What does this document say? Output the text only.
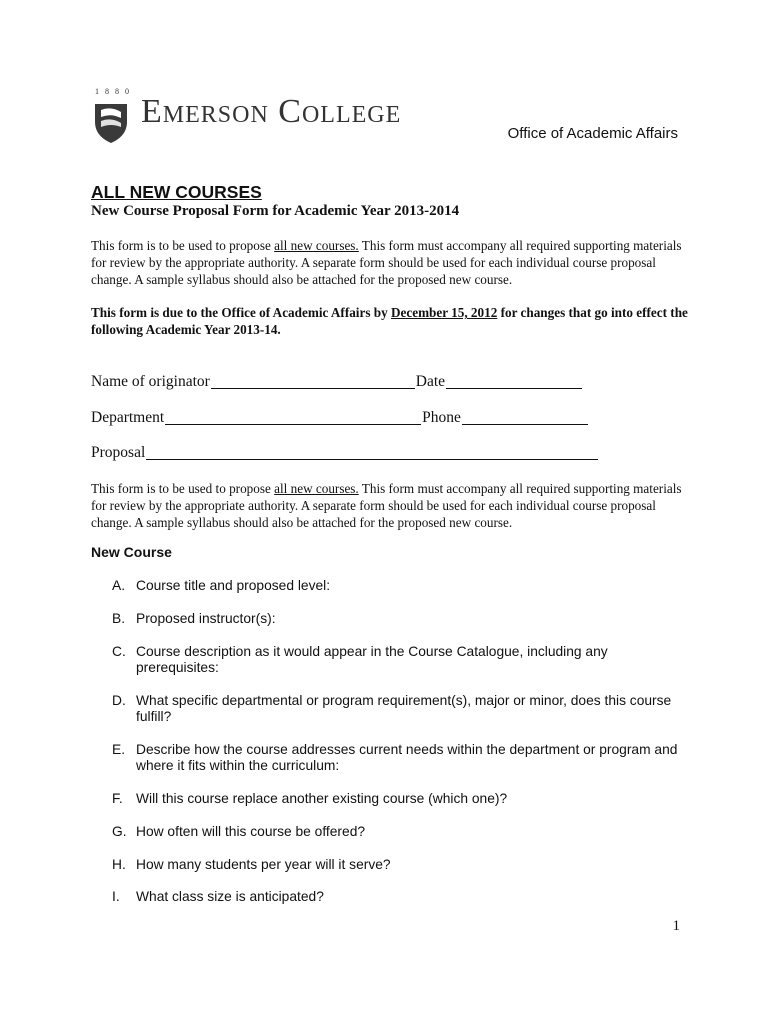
1880
Emerson College
Office of Academic Affairs
ALL NEW COURSES
New Course Proposal Form for Academic Year 2013-2014
This form is to be used to propose all new courses. This form must accompany all required supporting materials for review by the appropriate authority. A separate form should be used for each individual course proposal change. A sample syllabus should also be attached for the proposed new course.
This form is due to the Office of Academic Affairs by December 15, 2012 for changes that go into effect the following Academic Year 2013-14.
Name of originator	Date
Department	Phone
Proposal
This form is to be used to propose all new courses. This form must accompany all required supporting materials for review by the appropriate authority. A separate form should be used for each individual course proposal change. A sample syllabus should also be attached for the proposed new course.
New Course
A. Course title and proposed level:
B. Proposed instructor(s):
C. Course description as it would appear in the Course Catalogue, including any prerequisites:
D. What specific departmental or program requirement(s), major or minor, does this course fulfill?
E. Describe how the course addresses current needs within the department or program and where it fits within the curriculum:
F. Will this course replace another existing course (which one)?
G. How often will this course be offered?
H. How many students per year will it serve?
I.	What class size is anticipated?
1
